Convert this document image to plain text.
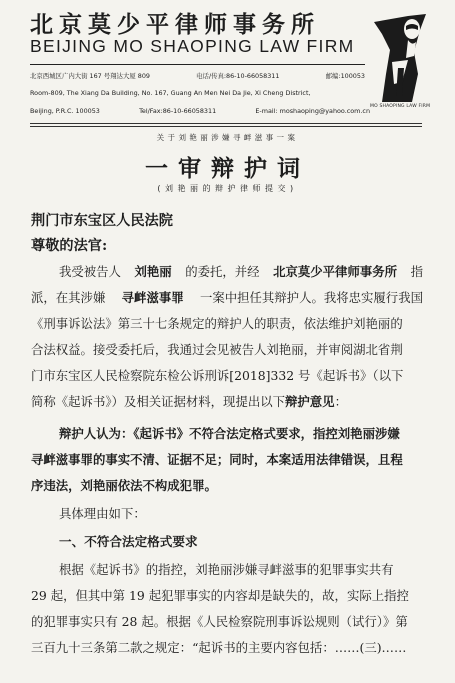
北京莫少平律师事务所
BEIJING MO SHAOPING LAW FIRM
北京西城区广内大街 167 号翔达大厦 809	电话/传真:86-10-66058311	邮编:100053
Room-809, The Xiang Da Building, No. 167, Guang An Men Nei Da Jie, Xi Cheng District,
Beijing, P.R.C. 100053	Tel/Fax:86-10-66058311	E-mail: moshaoping@yahoo.com.cn
MO SHAOPING LAW FIRM
关于刘艳丽涉嫌寻衅滋事一案
一审辩护词
(刘艳丽的辩护律师提交)
荆门市东宝区人民法院
尊敬的法官:
我受被告人 刘艳丽 的委托，并经 北京莫少平律师事务所 指
派，在其涉嫌 寻衅滋事罪 一案中担任其辩护人。我将忠实履行我国
《刑事诉讼法》第三十七条规定的辩护人的职责，依法维护刘艳丽的
合法权益。接受委托后，我通过会见被告人刘艳丽，并审阅湖北省荆
门市东宝区人民检察院东检公诉刑诉[2018]332 号《起诉书》（以下
简称《起诉书》）及相关证据材料，现提出以下辩护意见：
辩护人认为：《起诉书》不符合法定格式要求，指控刘艳丽涉嫌
寻衅滋事罪的事实不清、证据不足；同时，本案适用法律错误，且程
序违法，刘艳丽依法不构成犯罪。
具体理由如下：
一、不符合法定格式要求
根据《起诉书》的指控，刘艳丽涉嫌寻衅滋事的犯罪事实共有
29 起，但其中第 19 起犯罪事实的内容却是缺失的，故，实际上指控
的犯罪事实只有 28 起。根据《人民检察院刑事诉讼规则（试行）》第
三百九十三条第二款之规定：“起诉书的主要内容包括：……(三)……
